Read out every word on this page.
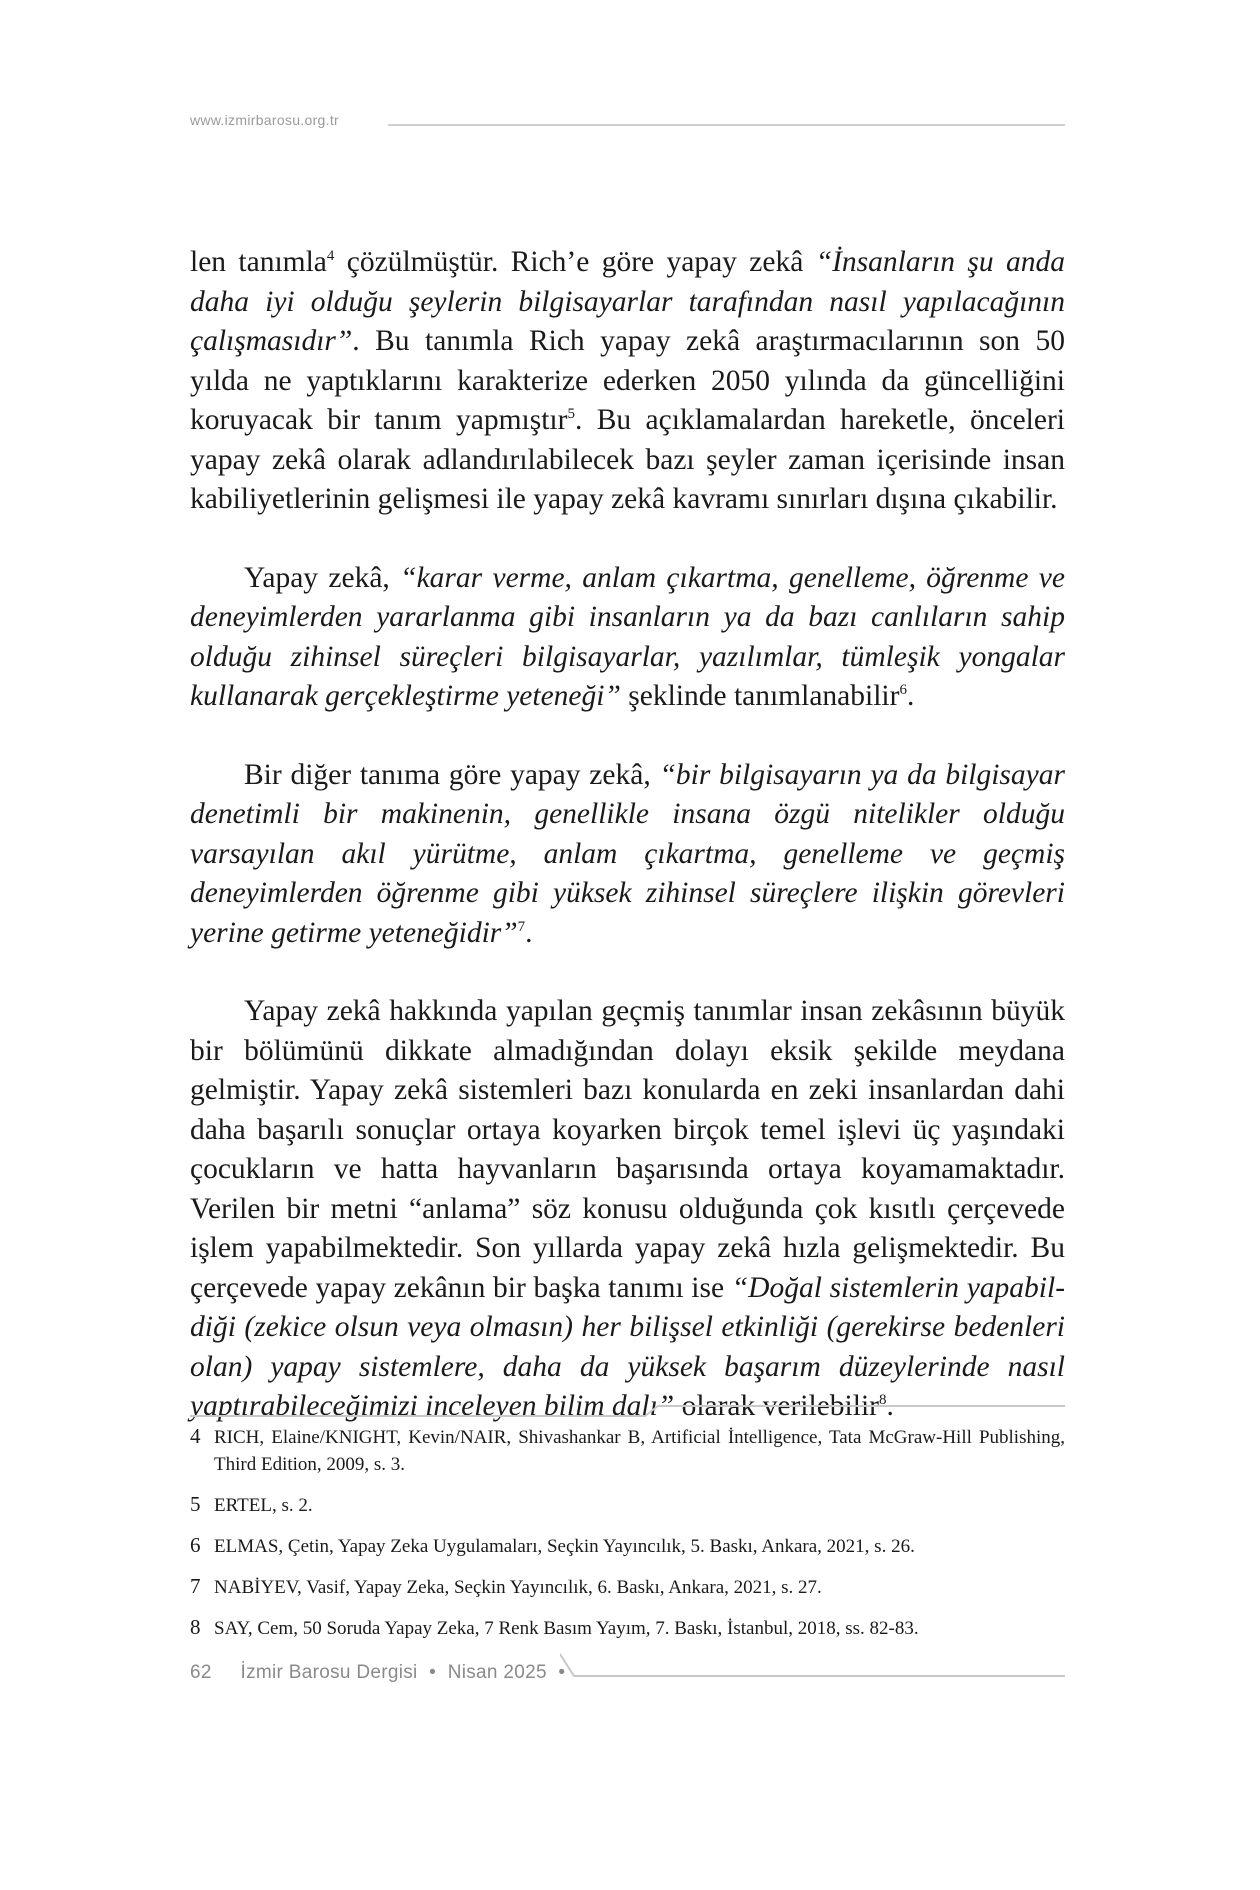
www.izmirbarosu.org.tr

len tanımla$^4$ çözülmüştür. Rich’e göre yapay zekâ “İnsanların şu anda daha iyi olduğu şeylerin bilgisayarlar tarafından nasıl yapılacağının çalışmasıdır”. Bu tanımla Rich yapay zekâ araştırmacılarının son 50 yılda ne yaptıklarını karakterize ederken 2050 yılında da güncelliğini koruyacak bir tanım yapmıştır$^5$. Bu açıklamalardan hareketle, önceleri yapay zekâ olarak adlandırılabilecek bazı şeyler zaman içerisinde insan kabiliyetlerinin gelişmesi ile yapay zekâ kavramı sınırları dışına çıkabilir.

Yapay zekâ, “karar verme, anlam çıkartma, genelleme, öğrenme ve deneyimlerden yararlanma gibi insanların ya da bazı canlıların sahip olduğu zihinsel süreçleri bilgisayarlar, yazılımlar, tümleşik yongalar kullanarak gerçekleştirme yeteneği” şeklinde tanımlanabilir$^6$.

Bir diğer tanıma göre yapay zekâ, “bir bilgisayarın ya da bilgisayar denetimli bir makinenin, genellikle insana özgü nitelikler olduğu varsayılan akıl yürütme, anlam çıkartma, genelleme ve geçmiş deneyimlerden öğrenme gibi yüksek zihinsel süreçlere ilişkin görevleri yerine getirme yeteneğidir”$^7$.

Yapay zekâ hakkında yapılan geçmiş tanımlar insan zekâsının büyük bir bölümünü dikkate almadığından dolayı eksik şekilde meydana gelmiştir. Yapay zekâ sistemleri bazı konularda en zeki insanlardan dahi daha başarılı sonuçlar ortaya koyarken birçok temel işlevi üç yaşındaki çocukların ve hatta hayvanların başarısında ortaya koyamamaktadır. Verilen bir metni “anlama” söz konusu olduğunda çok kısıtlı çerçevede işlem yapabilmektedir. Son yıllarda yapay zekâ hızla gelişmektedir. Bu çerçevede yapay zekânın bir başka tanımı ise “Doğal sistemlerin yapabildiği (zekice olsun veya olmasın) her bilişsel etkinliği (gerekirse bedenleri olan) yapay sistemlere, daha da yüksek başarım düzeylerinde nasıl yaptırabileceğimizi inceleyen bilim dalı” olarak verilebilir$^8$.

4 RICH, Elaine/KNIGHT, Kevin/NAIR, Shivashankar B, Artificial İntelligence, Tata McGraw-Hill Publishing, Third Edition, 2009, s. 3.
5 ERTEL, s. 2.
6 ELMAS, Çetin, Yapay Zeka Uygulamaları, Seçkin Yayıncılık, 5. Baskı, Ankara, 2021, s. 26.
7 NABİYEV, Vasif, Yapay Zeka, Seçkin Yayıncılık, 6. Baskı, Ankara, 2021, s. 27.
8 SAY, Cem, 50 Soruda Yapay Zeka, 7 Renk Basım Yayım, 7. Baskı, İstanbul, 2018, ss. 82-83.
62 İzmir Barosu Dergisi • Nisan 2025 •
